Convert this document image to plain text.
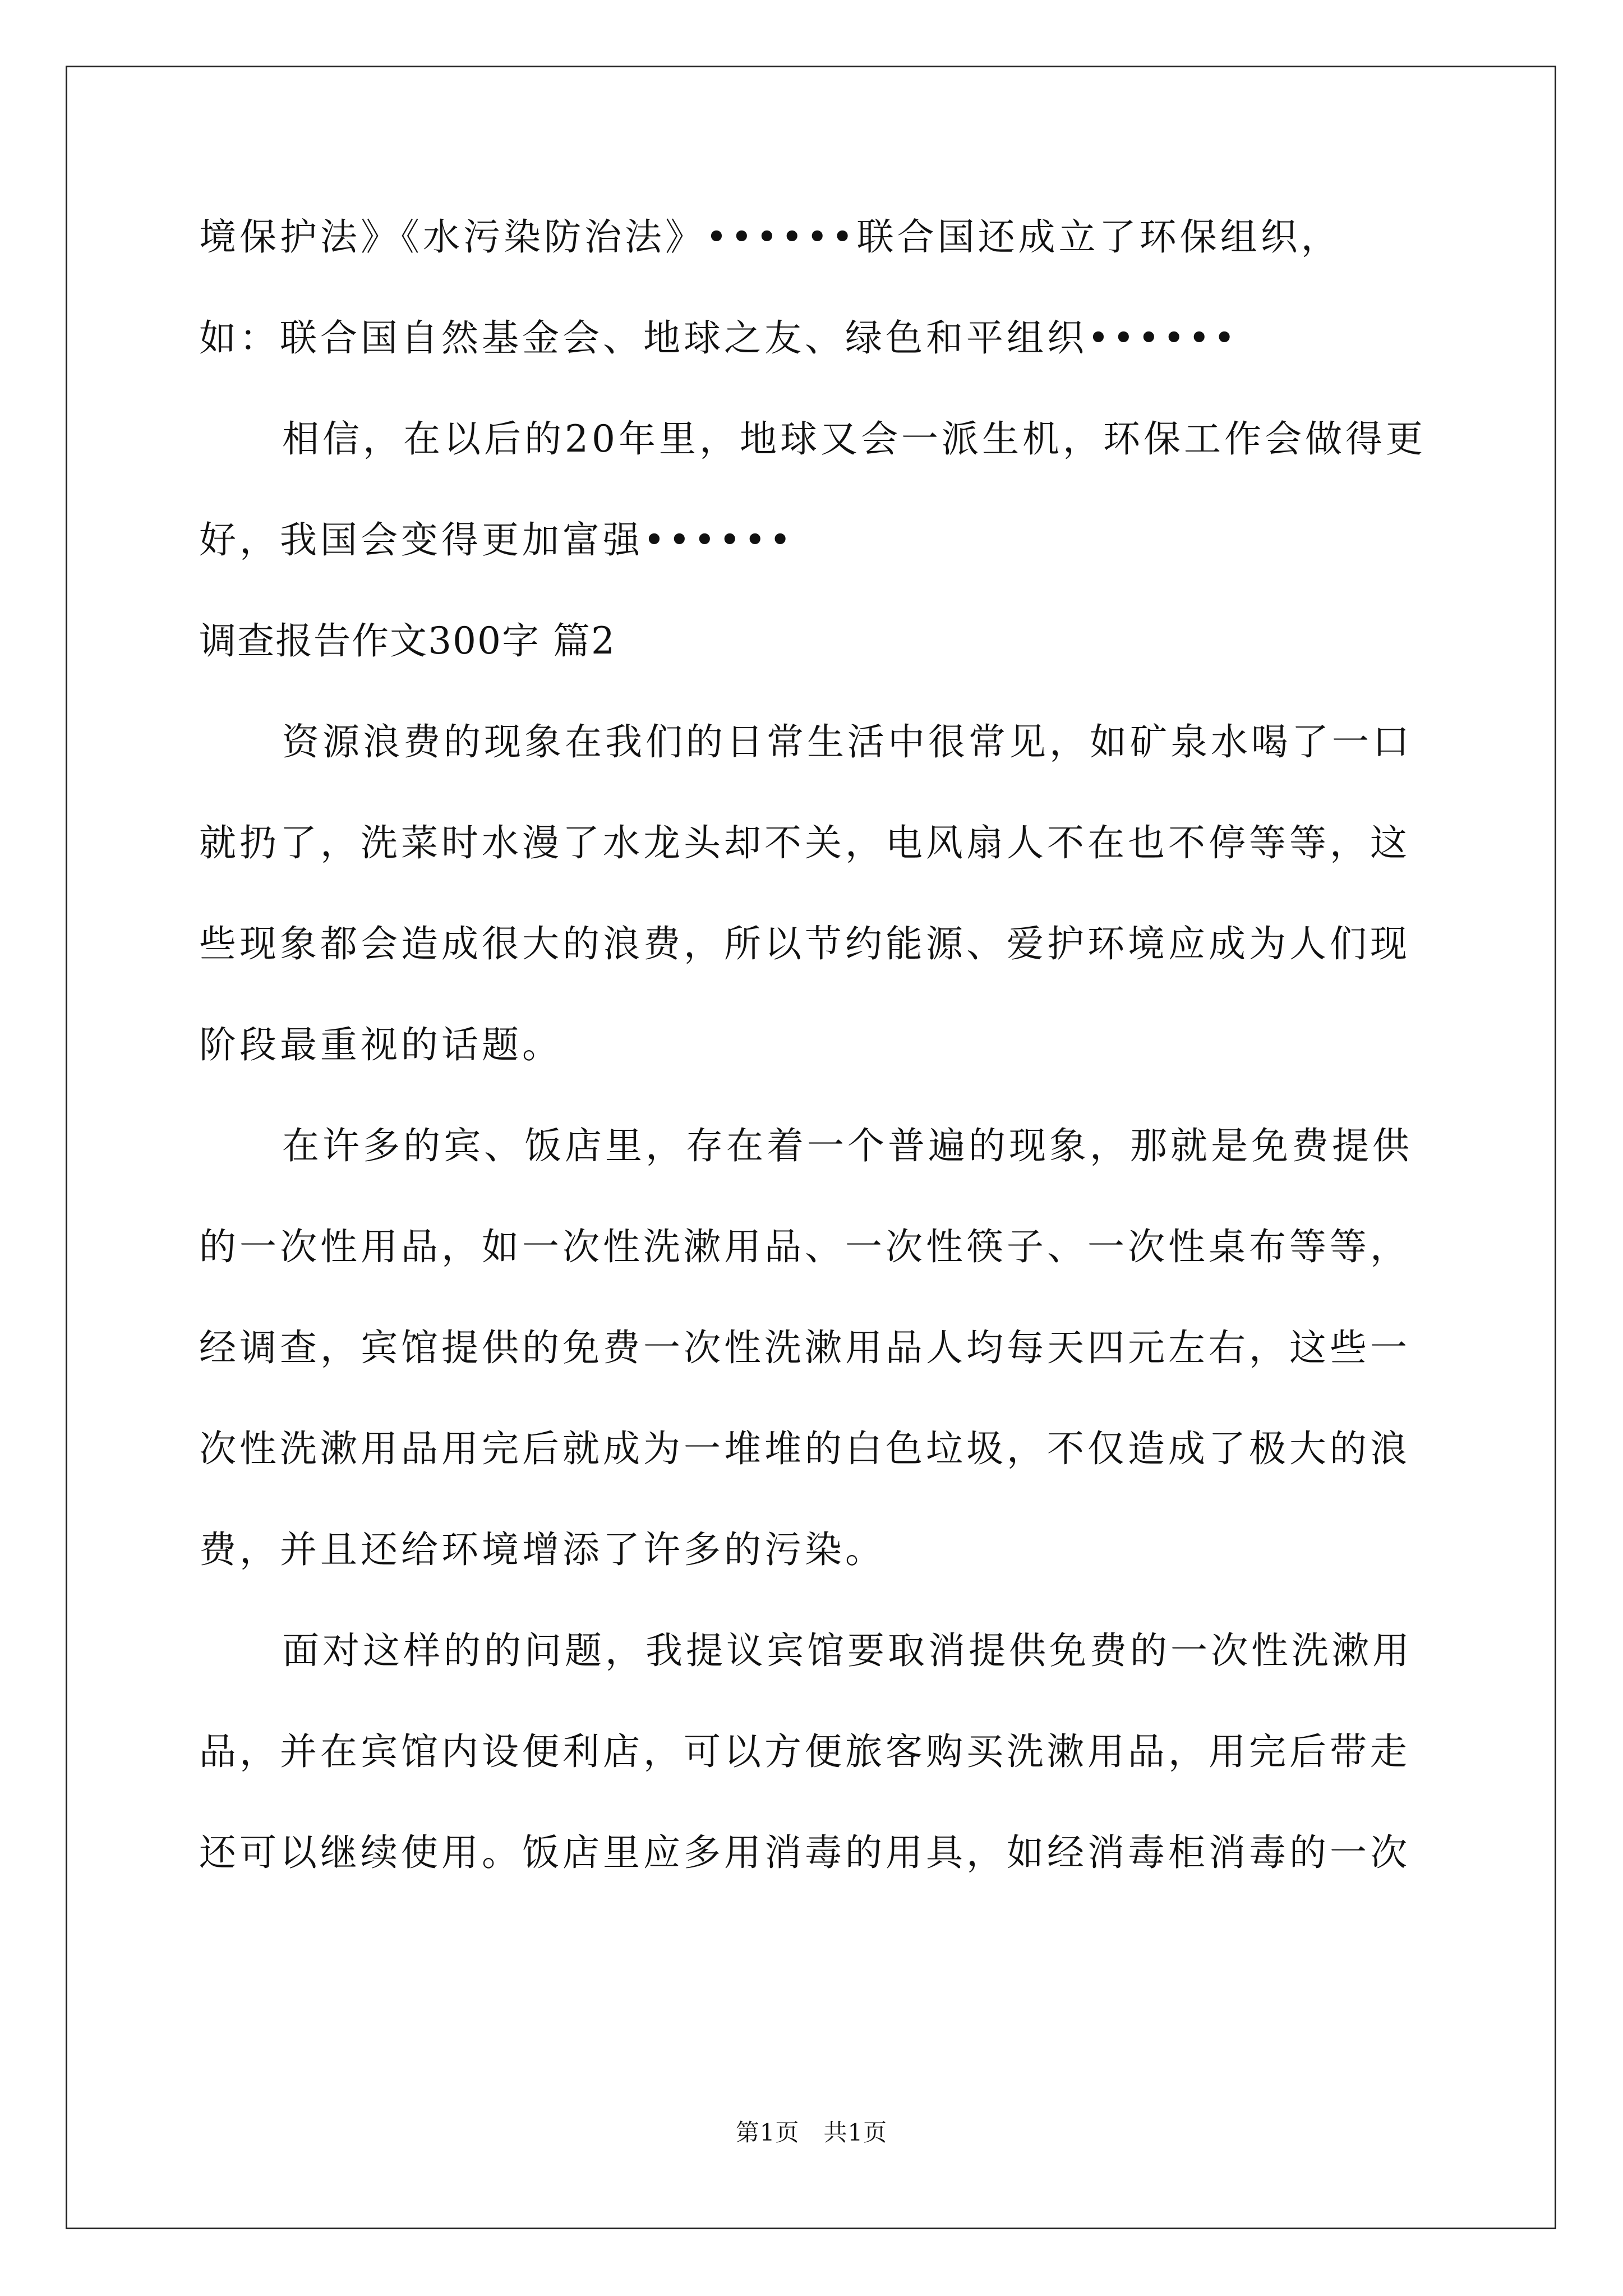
境保护法》《水污染防治法》••••••联合国还成立了环保组织，
如：联合国自然基金会、地球之友、绿色和平组织••••••
相信，在以后的20年里，地球又会一派生机，环保工作会做得更
好，我国会变得更加富强••••••
调查报告作文300字 篇2
资源浪费的现象在我们的日常生活中很常见，如矿泉水喝了一口
就扔了，洗菜时水漫了水龙头却不关，电风扇人不在也不停等等，这
些现象都会造成很大的浪费，所以节约能源、爱护环境应成为人们现
阶段最重视的话题。
在许多的宾、饭店里，存在着一个普遍的现象，那就是免费提供
的一次性用品，如一次性洗漱用品、一次性筷子、一次性桌布等等，
经调查，宾馆提供的免费一次性洗漱用品人均每天四元左右，这些一
次性洗漱用品用完后就成为一堆堆的白色垃圾，不仅造成了极大的浪
费，并且还给环境增添了许多的污染。
面对这样的的问题，我提议宾馆要取消提供免费的一次性洗漱用
品，并在宾馆内设便利店，可以方便旅客购买洗漱用品，用完后带走
还可以继续使用。饭店里应多用消毒的用具，如经消毒柜消毒的一次
第1页   共1页
